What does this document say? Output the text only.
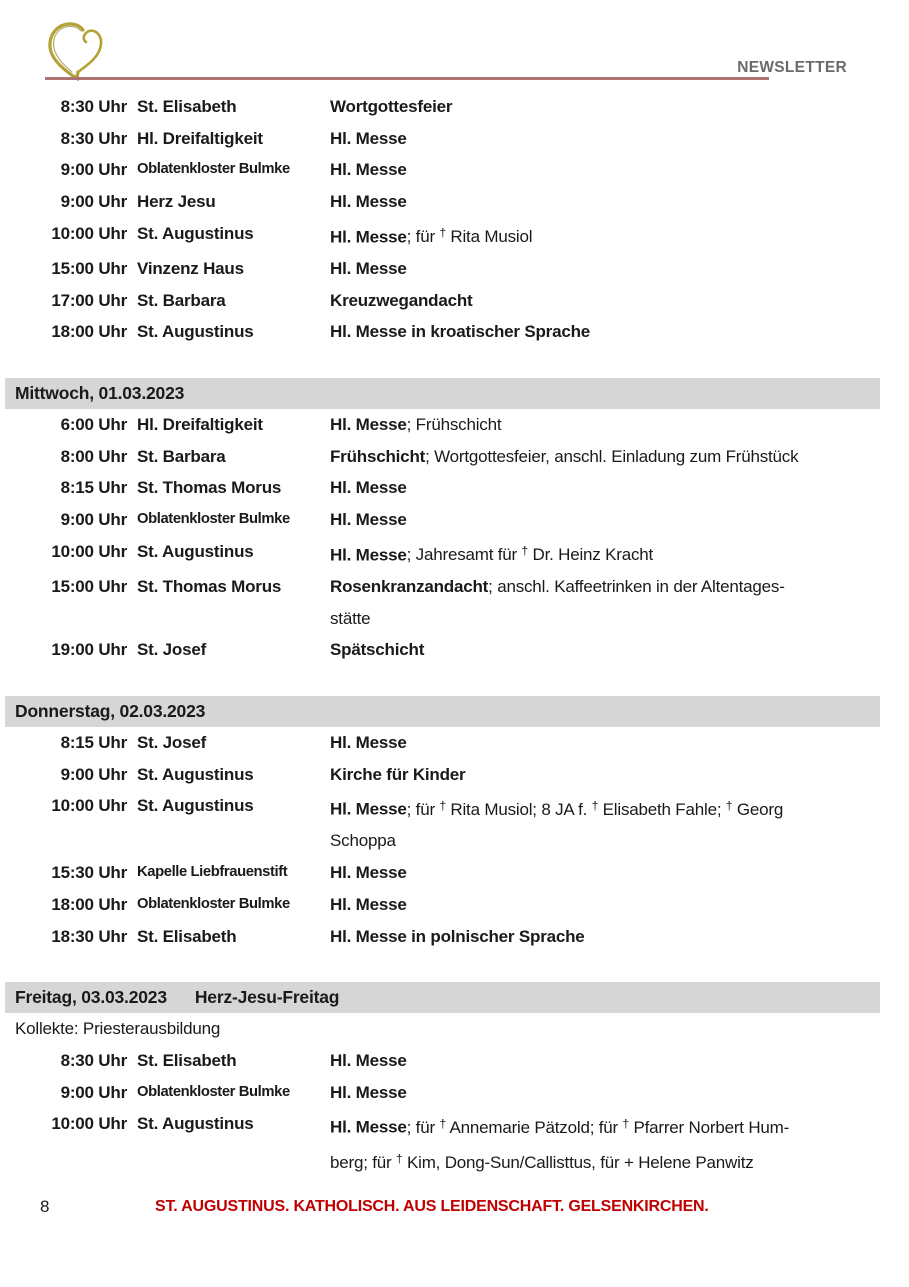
NEWSLETTER
8:30 Uhr St. Elisabeth	Wortgottesfeier
8:30 Uhr Hl. Dreifaltigkeit	Hl. Messe
9:00 Uhr Oblatenkloster Bulmke	Hl. Messe
9:00 Uhr Herz Jesu	Hl. Messe
10:00 Uhr St. Augustinus	Hl. Messe; für † Rita Musiol
15:00 Uhr Vinzenz Haus	Hl. Messe
17:00 Uhr St. Barbara	Kreuzwegandacht
18:00 Uhr St. Augustinus	Hl. Messe in kroatischer Sprache
Mittwoch, 01.03.2023
6:00 Uhr Hl. Dreifaltigkeit	Hl. Messe; Frühschicht
8:00 Uhr St. Barbara	Frühschicht; Wortgottesfeier, anschl. Einladung zum Frühstück
8:15 Uhr St. Thomas Morus	Hl. Messe
9:00 Uhr Oblatenkloster Bulmke	Hl. Messe
10:00 Uhr St. Augustinus	Hl. Messe; Jahresamt für † Dr. Heinz Kracht
15:00 Uhr St. Thomas Morus	Rosenkranzandacht; anschl. Kaffeetrinken in der Altentages-
stätte
19:00 Uhr St. Josef	Spätschicht
Donnerstag, 02.03.2023
8:15 Uhr St. Josef	Hl. Messe
9:00 Uhr St. Augustinus	Kirche für Kinder
10:00 Uhr St. Augustinus	Hl. Messe; für † Rita Musiol; 8 JA f. † Elisabeth Fahle; † Georg
Schoppa
15:30 Uhr Kapelle Liebfrauenstift	Hl. Messe
18:00 Uhr Oblatenkloster Bulmke	Hl. Messe
18:30 Uhr St. Elisabeth	Hl. Messe in polnischer Sprache
Freitag, 03.03.2023 Herz-Jesu-Freitag
Kollekte: Priesterausbildung
8:30 Uhr St. Elisabeth	Hl. Messe
9:00 Uhr Oblatenkloster Bulmke	Hl. Messe
10:00 Uhr St. Augustinus	Hl. Messe; für † Annemarie Pätzold; für † Pfarrer Norbert Hum-
berg; für † Kim, Dong-Sun/Callisttus, für + Helene Panwitz
8	ST. AUGUSTINUS. KATHOLISCH. AUS LEIDENSCHAFT. GELSENKIRCHEN.
